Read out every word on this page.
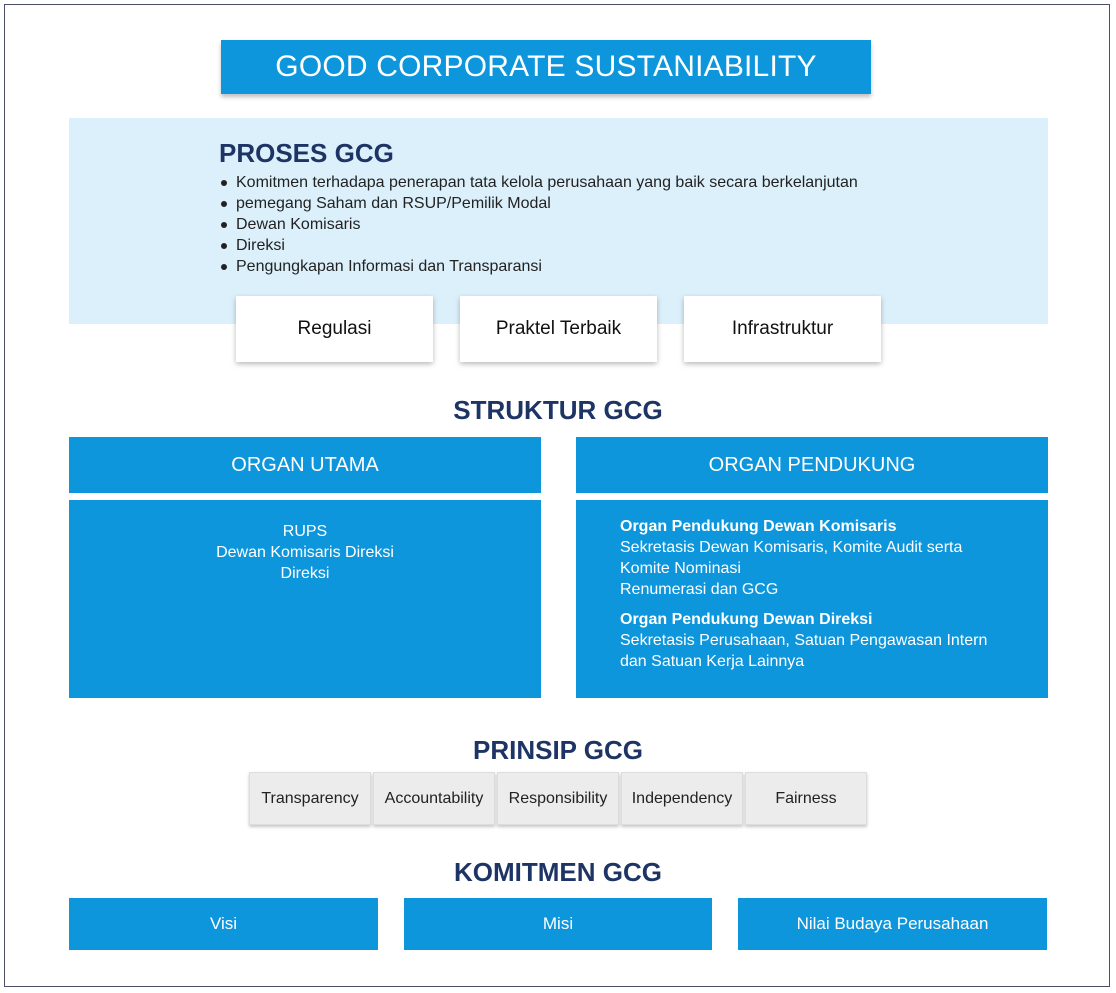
GOOD CORPORATE SUSTANIABILITY
PROSES GCG
Komitmen terhadapa penerapan tata kelola perusahaan yang baik secara berkelanjutan
pemegang Saham dan RSUP/Pemilik Modal
Dewan Komisaris
Direksi
Pengungkapan Informasi dan Transparansi
Regulasi	Praktel Terbaik	Infrastruktur
STRUKTUR GCG
ORGAN UTAMA
RUPS
Dewan Komisaris Direksi
Direksi
ORGAN PENDUKUNG
Organ Pendukung Dewan Komisaris
Sekretasis Dewan Komisaris, Komite Audit serta
Komite Nominasi
Renumerasi dan GCG
Organ Pendukung Dewan Direksi
Sekretasis Perusahaan, Satuan Pengawasan Intern
dan Satuan Kerja Lainnya
PRINSIP GCG
Transparency	Accountability	Responsibility	Independency	Fairness
KOMITMEN GCG
Visi	Misi	Nilai Budaya Perusahaan
